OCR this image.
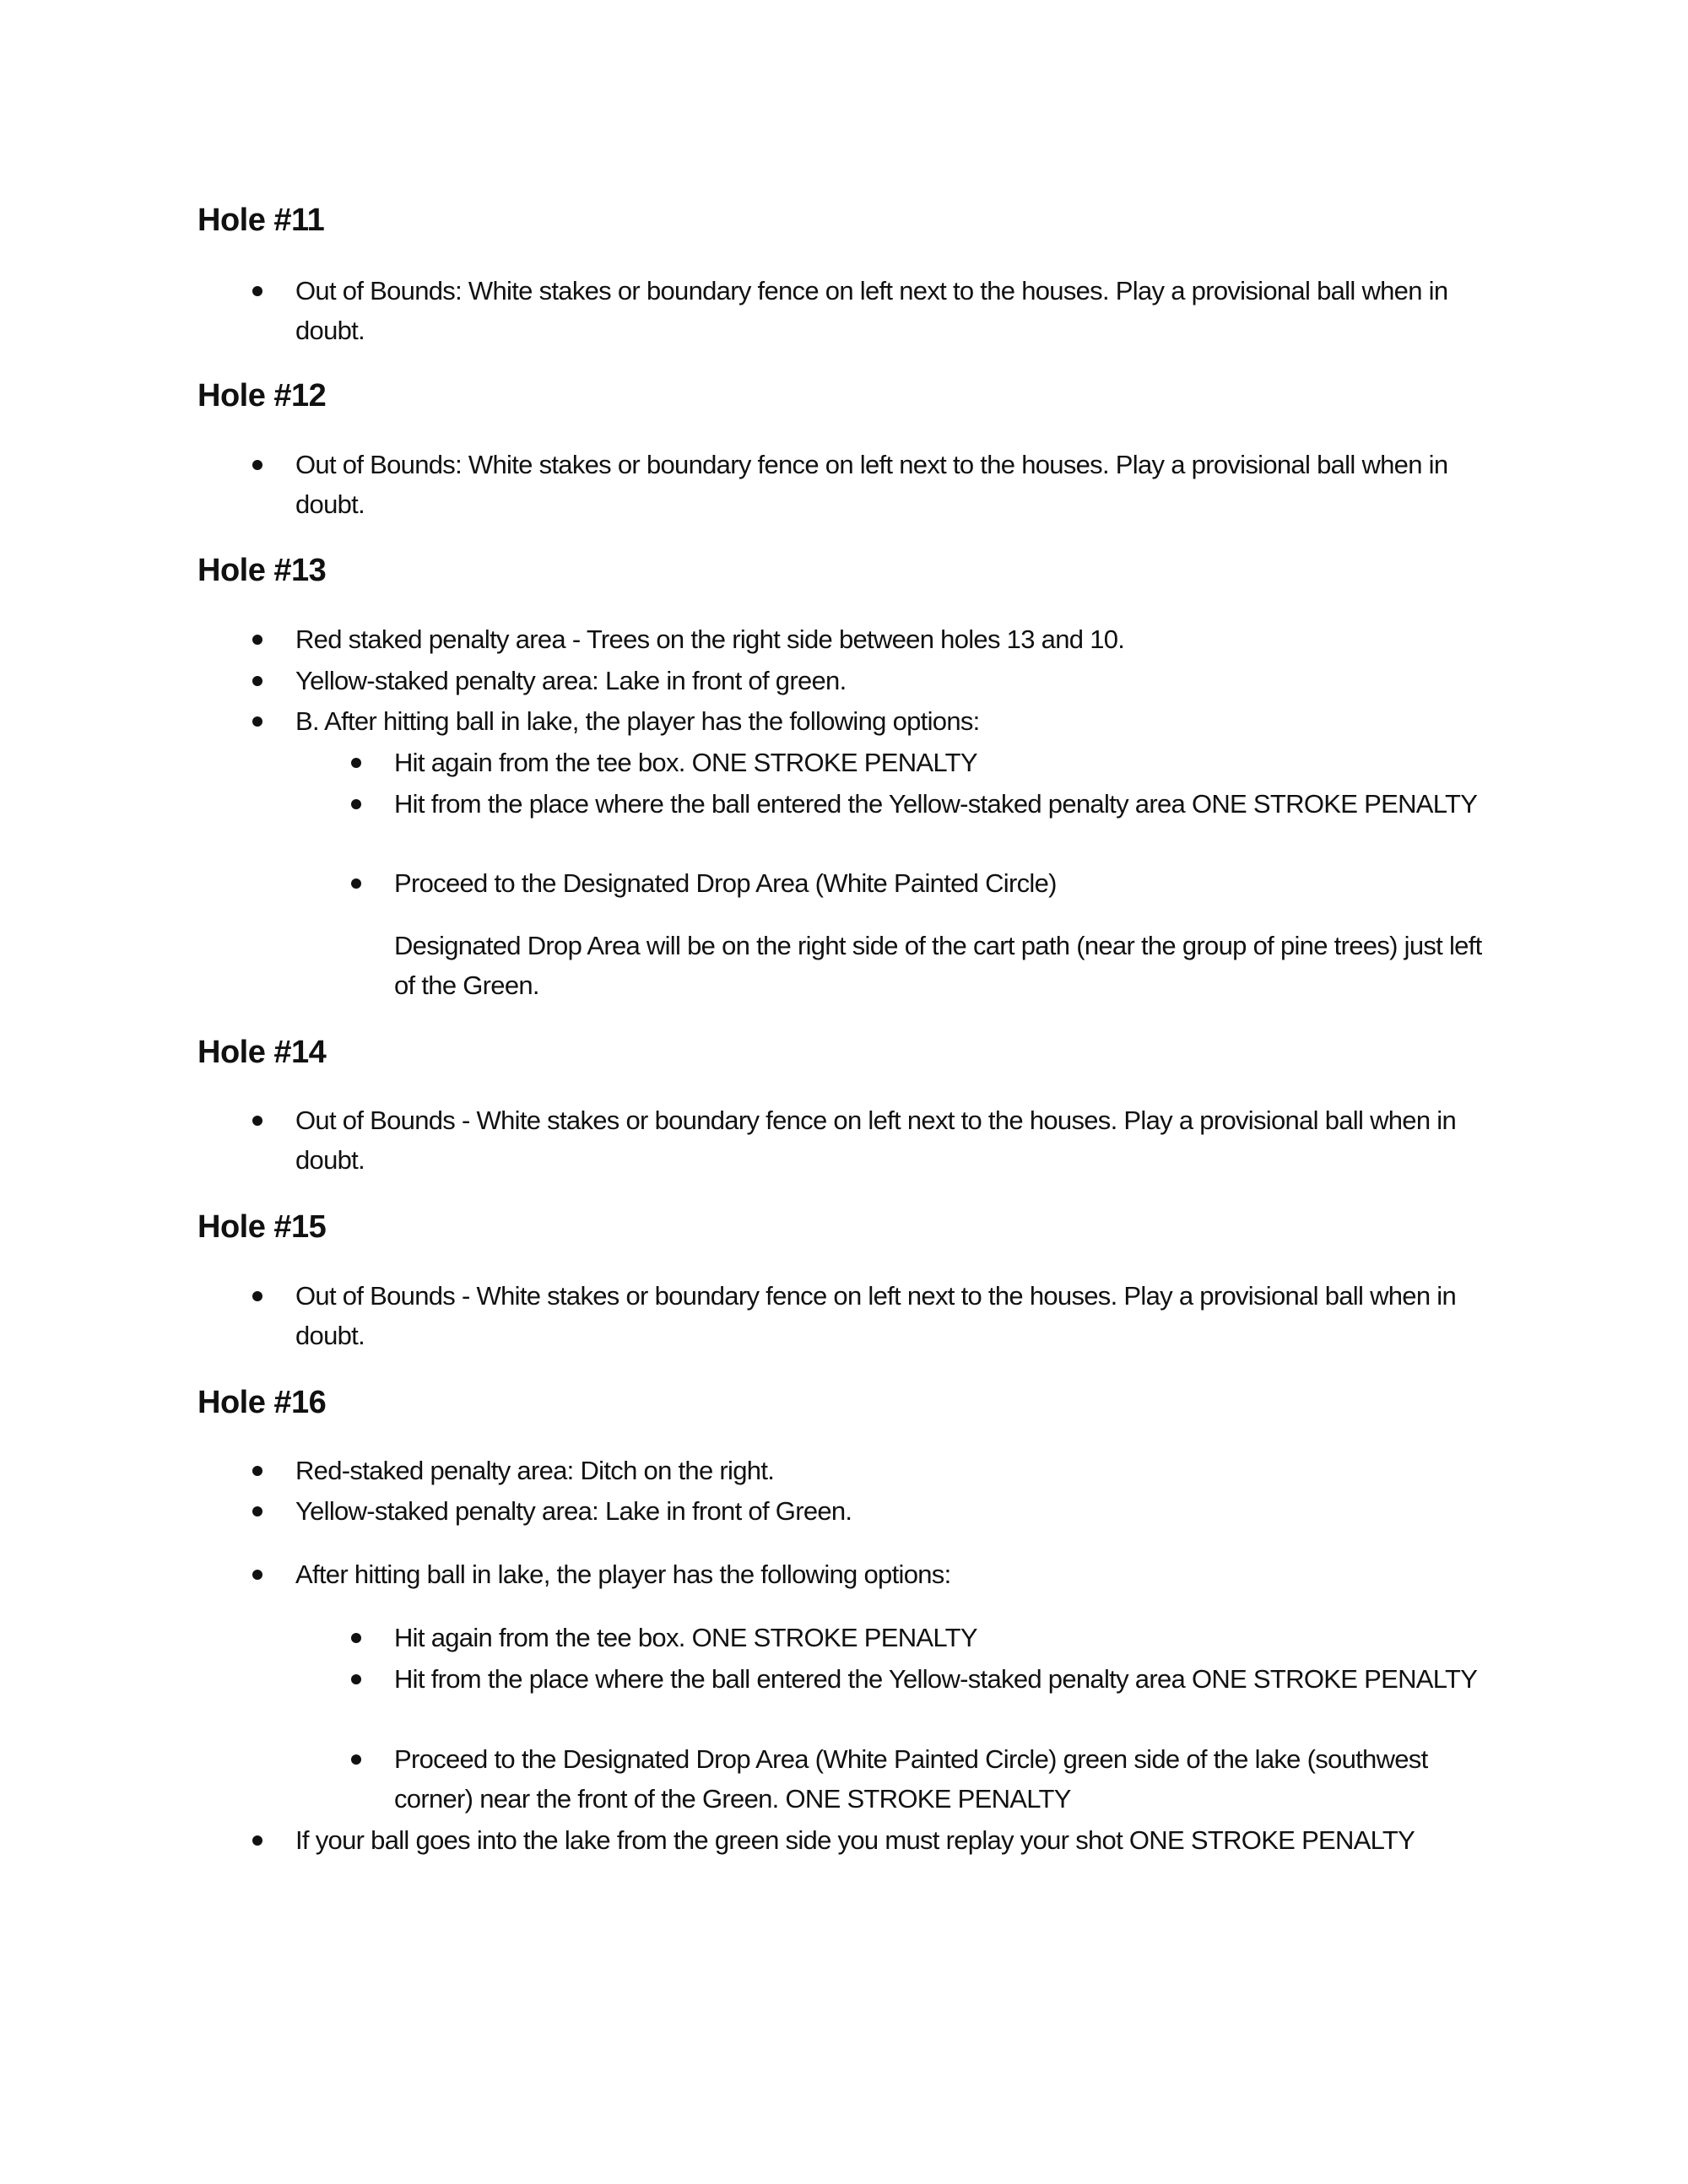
Hole #11
Out of Bounds: White stakes or boundary fence on left next to the houses. Play a provisional ball when in doubt.
Hole #12
Out of Bounds: White stakes or boundary fence on left next to the houses. Play a provisional ball when in doubt.
Hole #13
Red staked penalty area - Trees on the right side between holes 13 and 10.
Yellow-staked penalty area: Lake in front of green.
B. After hitting ball in lake, the player has the following options:
Hit again from the tee box. ONE STROKE PENALTY
Hit from the place where the ball entered the Yellow-staked penalty area ONE STROKE PENALTY
Proceed to the Designated Drop Area (White Painted Circle)
Designated Drop Area will be on the right side of the cart path (near the group of pine trees) just left of the Green.
Hole #14
Out of Bounds - White stakes or boundary fence on left next to the houses. Play a provisional ball when in doubt.
Hole #15
Out of Bounds - White stakes or boundary fence on left next to the houses. Play a provisional ball when in doubt.
Hole #16
Red-staked penalty area: Ditch on the right.
Yellow-staked penalty area: Lake in front of Green.
After hitting ball in lake, the player has the following options:
Hit again from the tee box. ONE STROKE PENALTY
Hit from the place where the ball entered the Yellow-staked penalty area ONE STROKE PENALTY
Proceed to the Designated Drop Area (White Painted Circle) green side of the lake (southwest corner) near the front of the Green. ONE STROKE PENALTY
If your ball goes into the lake from the green side you must replay your shot ONE STROKE PENALTY
